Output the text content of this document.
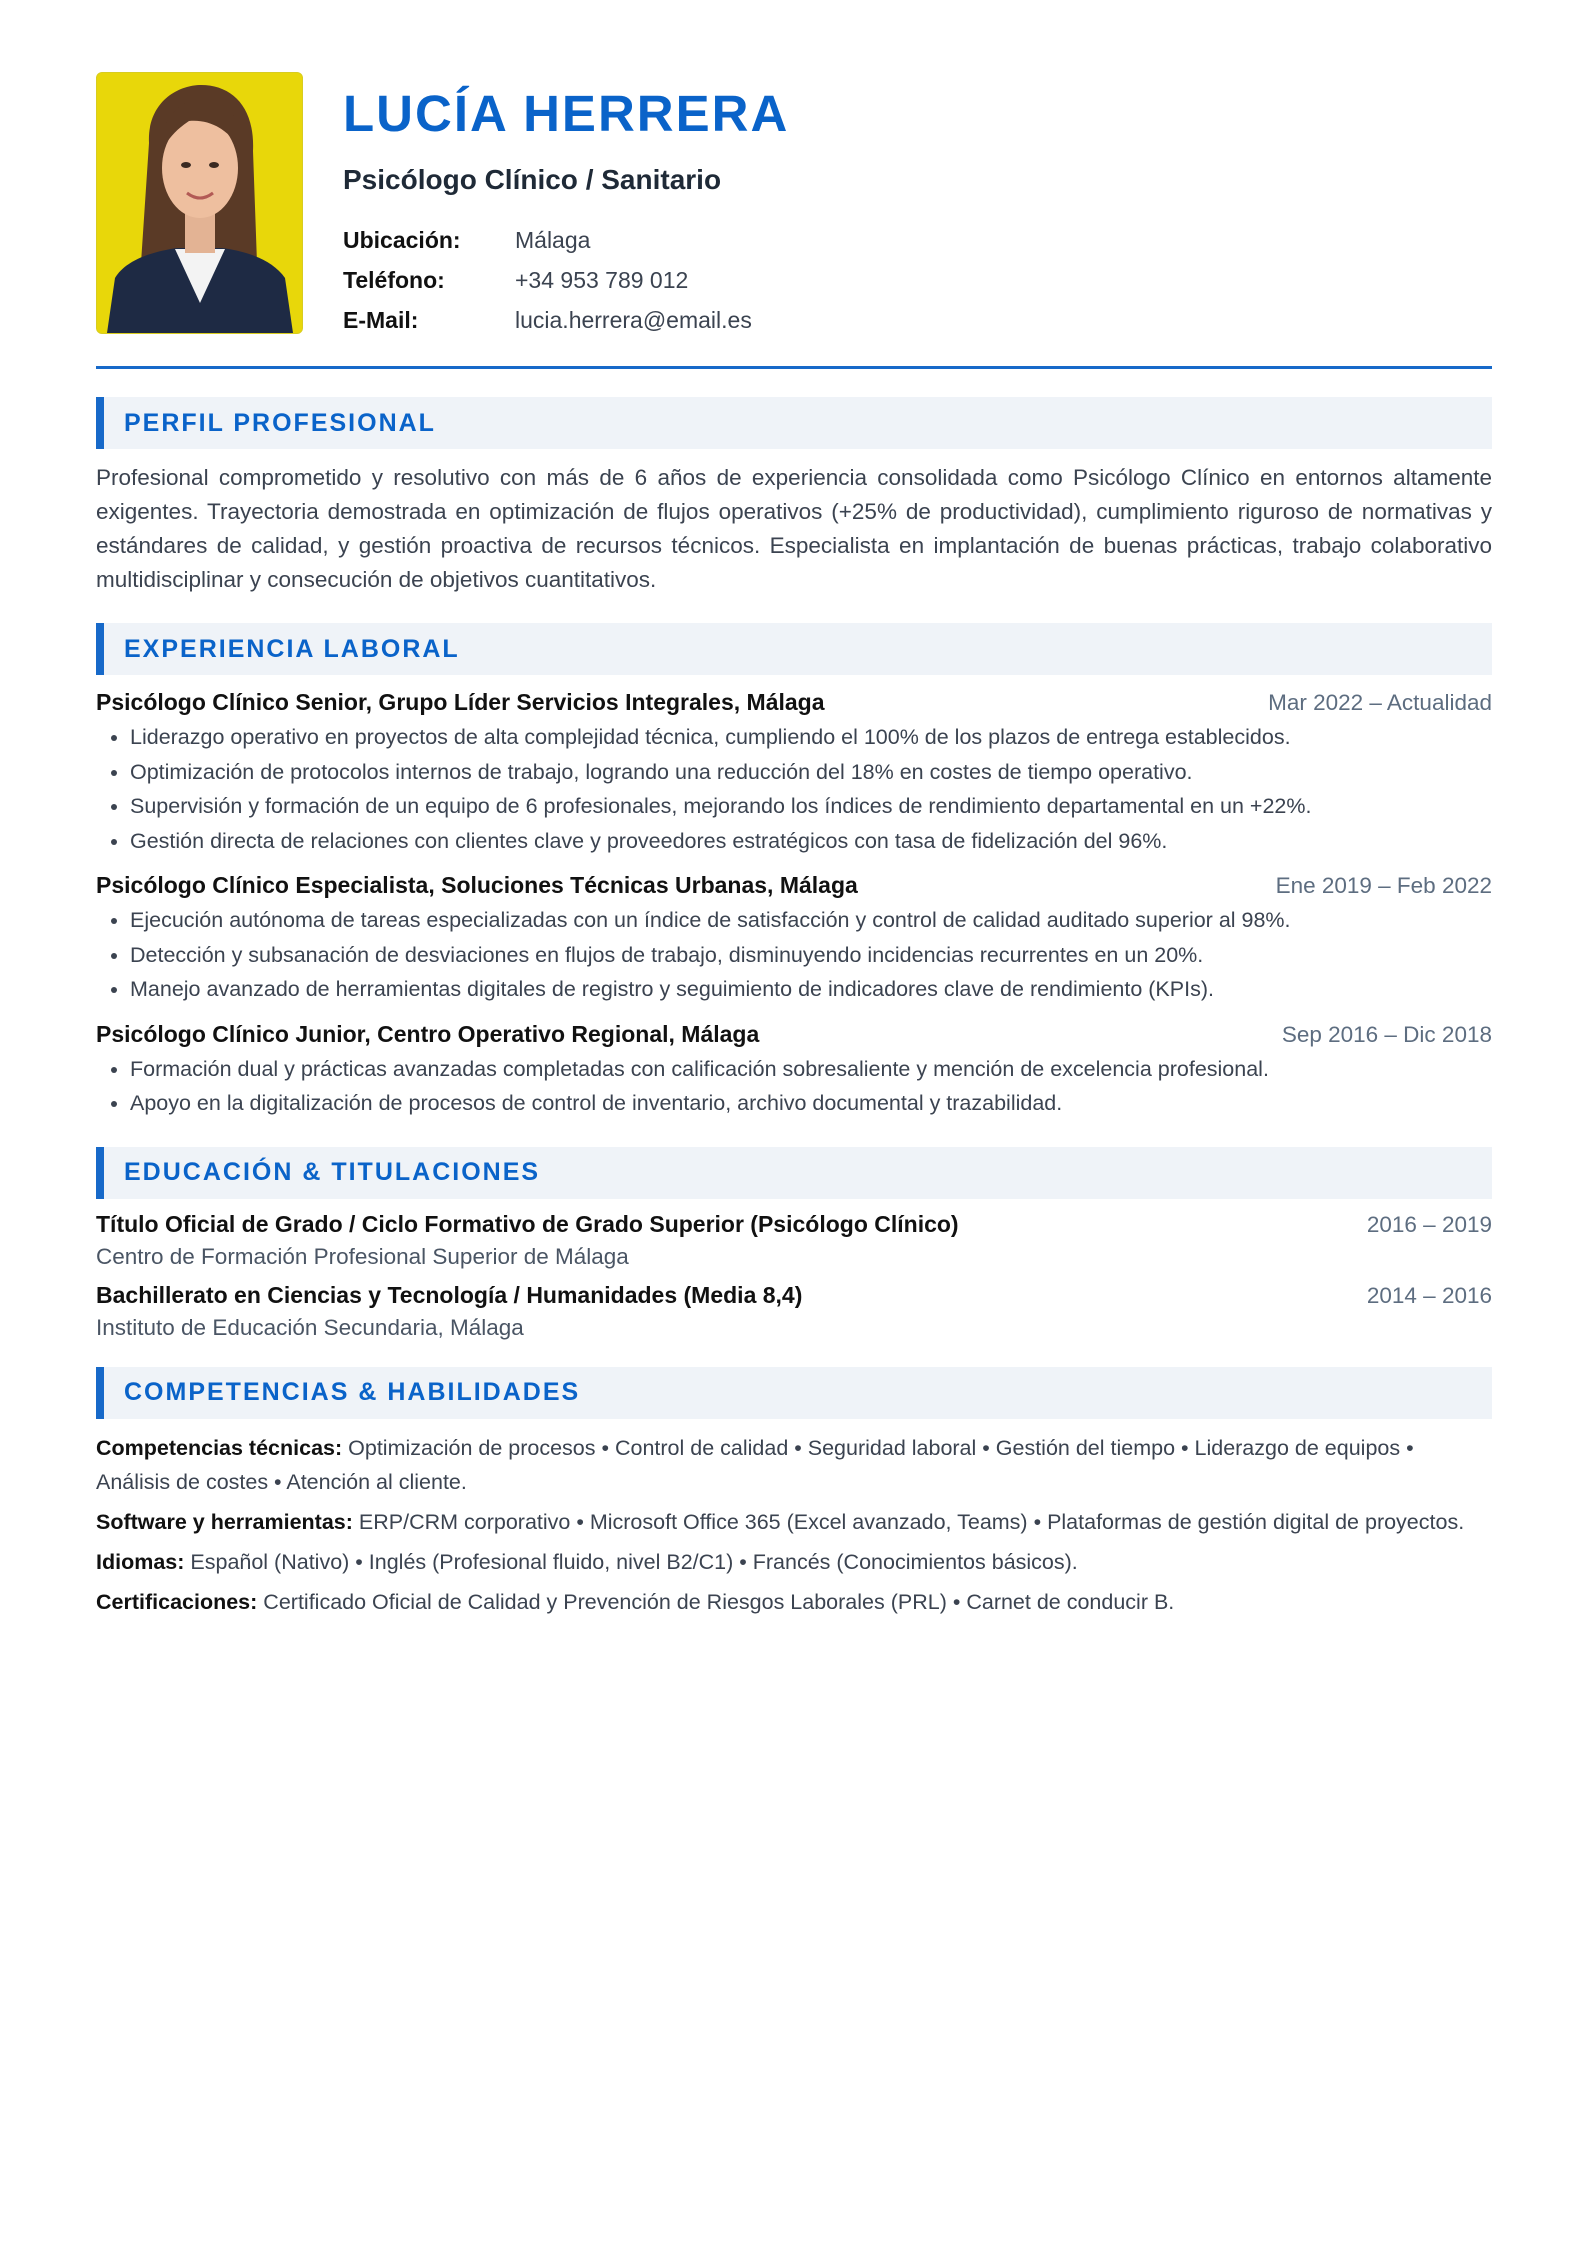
LUCÍA HERRERA
Psicólogo Clínico / Sanitario
Ubicación:	Málaga
Teléfono:	+34 953 789 012
E-Mail:	lucia.herrera@email.es
PERFIL PROFESIONAL
Profesional comprometido y resolutivo con más de 6 años de experiencia consolidada como Psicólogo Clínico en entornos altamente exigentes. Trayectoria demostrada en optimización de flujos operativos (+25% de productividad), cumplimiento riguroso de normativas y estándares de calidad, y gestión proactiva de recursos técnicos. Especialista en implantación de buenas prácticas, trabajo colaborativo multidisciplinar y consecución de objetivos cuantitativos.
EXPERIENCIA LABORAL
Psicólogo Clínico Senior, Grupo Líder Servicios Integrales, Málaga	Mar 2022 – Actualidad
• Liderazgo operativo en proyectos de alta complejidad técnica, cumpliendo el 100% de los plazos de entrega establecidos.
• Optimización de protocolos internos de trabajo, logrando una reducción del 18% en costes de tiempo operativo.
• Supervisión y formación de un equipo de 6 profesionales, mejorando los índices de rendimiento departamental en un +22%.
• Gestión directa de relaciones con clientes clave y proveedores estratégicos con tasa de fidelización del 96%.
Psicólogo Clínico Especialista, Soluciones Técnicas Urbanas, Málaga	Ene 2019 – Feb 2022
• Ejecución autónoma de tareas especializadas con un índice de satisfacción y control de calidad auditado superior al 98%.
• Detección y subsanación de desviaciones en flujos de trabajo, disminuyendo incidencias recurrentes en un 20%.
• Manejo avanzado de herramientas digitales de registro y seguimiento de indicadores clave de rendimiento (KPIs).
Psicólogo Clínico Junior, Centro Operativo Regional, Málaga	Sep 2016 – Dic 2018
• Formación dual y prácticas avanzadas completadas con calificación sobresaliente y mención de excelencia profesional.
• Apoyo en la digitalización de procesos de control de inventario, archivo documental y trazabilidad.
EDUCACIÓN & TITULACIONES
Título Oficial de Grado / Ciclo Formativo de Grado Superior (Psicólogo Clínico)	2016 – 2019
Centro de Formación Profesional Superior de Málaga
Bachillerato en Ciencias y Tecnología / Humanidades (Media 8,4)	2014 – 2016
Instituto de Educación Secundaria, Málaga
COMPETENCIAS & HABILIDADES
Competencias técnicas: Optimización de procesos • Control de calidad • Seguridad laboral • Gestión del tiempo • Liderazgo de equipos • Análisis de costes • Atención al cliente.
Software y herramientas: ERP/CRM corporativo • Microsoft Office 365 (Excel avanzado, Teams) • Plataformas de gestión digital de proyectos.
Idiomas: Español (Nativo) • Inglés (Profesional fluido, nivel B2/C1) • Francés (Conocimientos básicos).
Certificaciones: Certificado Oficial de Calidad y Prevención de Riesgos Laborales (PRL) • Carnet de conducir B.
